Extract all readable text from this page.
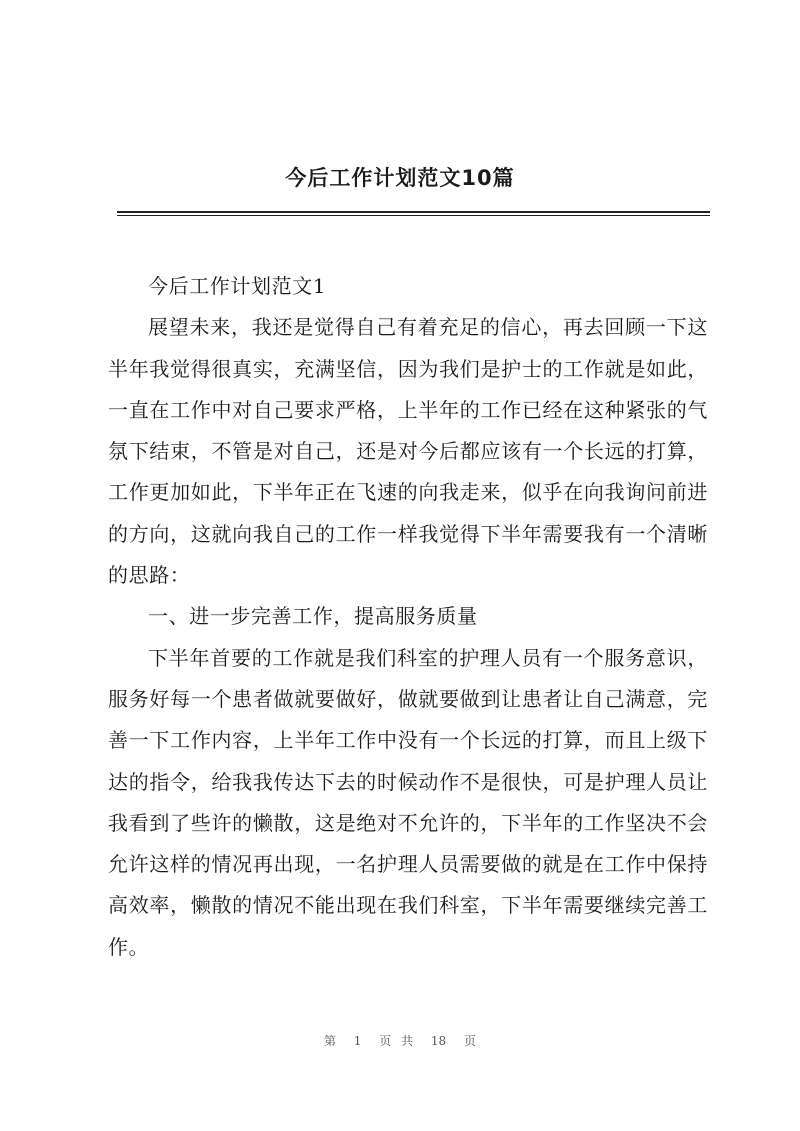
今后工作计划范文10篇

今后工作计划范文1

展望未来，我还是觉得自己有着充足的信心，再去回顾一下这半年我觉得很真实，充满坚信，因为我们是护士的工作就是如此，一直在工作中对自己要求严格，上半年的工作已经在这种紧张的气氛下结束，不管是对自己，还是对今后都应该有一个长远的打算，工作更加如此，下半年正在飞速的向我走来，似乎在向我询问前进的方向，这就向我自己的工作一样我觉得下半年需要我有一个清晰的思路：

一、进一步完善工作，提高服务质量

下半年首要的工作就是我们科室的护理人员有一个服务意识，服务好每一个患者做就要做好，做就要做到让患者让自己满意，完善一下工作内容，上半年工作中没有一个长远的打算，而且上级下达的指令，给我我传达下去的时候动作不是很快，可是护理人员让我看到了些许的懒散，这是绝对不允许的，下半年的工作坚决不会允许这样的情况再出现，一名护理人员需要做的就是在工作中保持高效率，懒散的情况不能出现在我们科室，下半年需要继续完善工作。

第 1 页 共 18 页
